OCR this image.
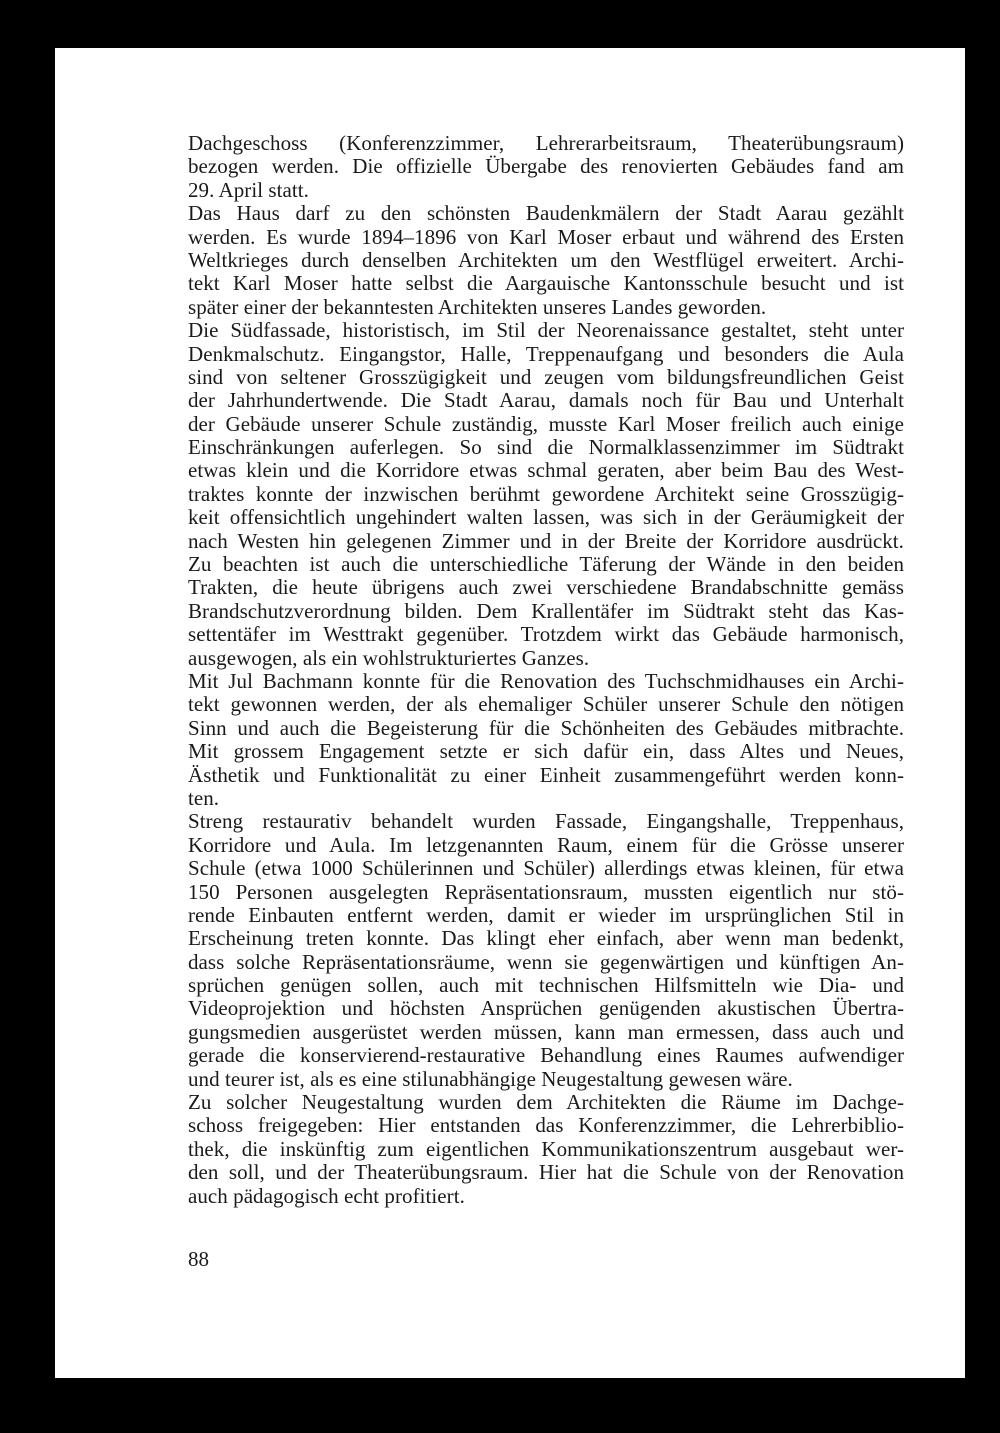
Dachgeschoss (Konferenzzimmer, Lehrerarbeitsraum, Theaterübungsraum)
bezogen werden. Die offizielle Übergabe des renovierten Gebäudes fand am
29. April statt.
Das Haus darf zu den schönsten Baudenkmälern der Stadt Aarau gezählt
werden. Es wurde 1894–1896 von Karl Moser erbaut und während des Ersten
Weltkrieges durch denselben Architekten um den Westflügel erweitert. Archi-
tekt Karl Moser hatte selbst die Aargauische Kantonsschule besucht und ist
später einer der bekanntesten Architekten unseres Landes geworden.
Die Südfassade, historistisch, im Stil der Neorenaissance gestaltet, steht unter
Denkmalschutz. Eingangstor, Halle, Treppenaufgang und besonders die Aula
sind von seltener Grosszügigkeit und zeugen vom bildungsfreundlichen Geist
der Jahrhundertwende. Die Stadt Aarau, damals noch für Bau und Unterhalt
der Gebäude unserer Schule zuständig, musste Karl Moser freilich auch einige
Einschränkungen auferlegen. So sind die Normalklassenzimmer im Südtrakt
etwas klein und die Korridore etwas schmal geraten, aber beim Bau des West-
traktes konnte der inzwischen berühmt gewordene Architekt seine Grosszügig-
keit offensichtlich ungehindert walten lassen, was sich in der Geräumigkeit der
nach Westen hin gelegenen Zimmer und in der Breite der Korridore ausdrückt.
Zu beachten ist auch die unterschiedliche Täferung der Wände in den beiden
Trakten, die heute übrigens auch zwei verschiedene Brandabschnitte gemäss
Brandschutzverordnung bilden. Dem Krallentäfer im Südtrakt steht das Kas-
settentäfer im Westtrakt gegenüber. Trotzdem wirkt das Gebäude harmonisch,
ausgewogen, als ein wohlstrukturiertes Ganzes.
Mit Jul Bachmann konnte für die Renovation des Tuchschmidhauses ein Archi-
tekt gewonnen werden, der als ehemaliger Schüler unserer Schule den nötigen
Sinn und auch die Begeisterung für die Schönheiten des Gebäudes mitbrachte.
Mit grossem Engagement setzte er sich dafür ein, dass Altes und Neues,
Ästhetik und Funktionalität zu einer Einheit zusammengeführt werden konn-
ten.
Streng restaurativ behandelt wurden Fassade, Eingangshalle, Treppenhaus,
Korridore und Aula. Im letzgenannten Raum, einem für die Grösse unserer
Schule (etwa 1000 Schülerinnen und Schüler) allerdings etwas kleinen, für etwa
150 Personen ausgelegten Repräsentationsraum, mussten eigentlich nur stö-
rende Einbauten entfernt werden, damit er wieder im ursprünglichen Stil in
Erscheinung treten konnte. Das klingt eher einfach, aber wenn man bedenkt,
dass solche Repräsentationsräume, wenn sie gegenwärtigen und künftigen An-
sprüchen genügen sollen, auch mit technischen Hilfsmitteln wie Dia- und
Videoprojektion und höchsten Ansprüchen genügenden akustischen Übertra-
gungsmedien ausgerüstet werden müssen, kann man ermessen, dass auch und
gerade die konservierend-restaurative Behandlung eines Raumes aufwendiger
und teurer ist, als es eine stilunabhängige Neugestaltung gewesen wäre.
Zu solcher Neugestaltung wurden dem Architekten die Räume im Dachge-
schoss freigegeben: Hier entstanden das Konferenzzimmer, die Lehrerbiblio-
thek, die inskünftig zum eigentlichen Kommunikationszentrum ausgebaut wer-
den soll, und der Theaterübungsraum. Hier hat die Schule von der Renovation
auch pädagogisch echt profitiert.
88
